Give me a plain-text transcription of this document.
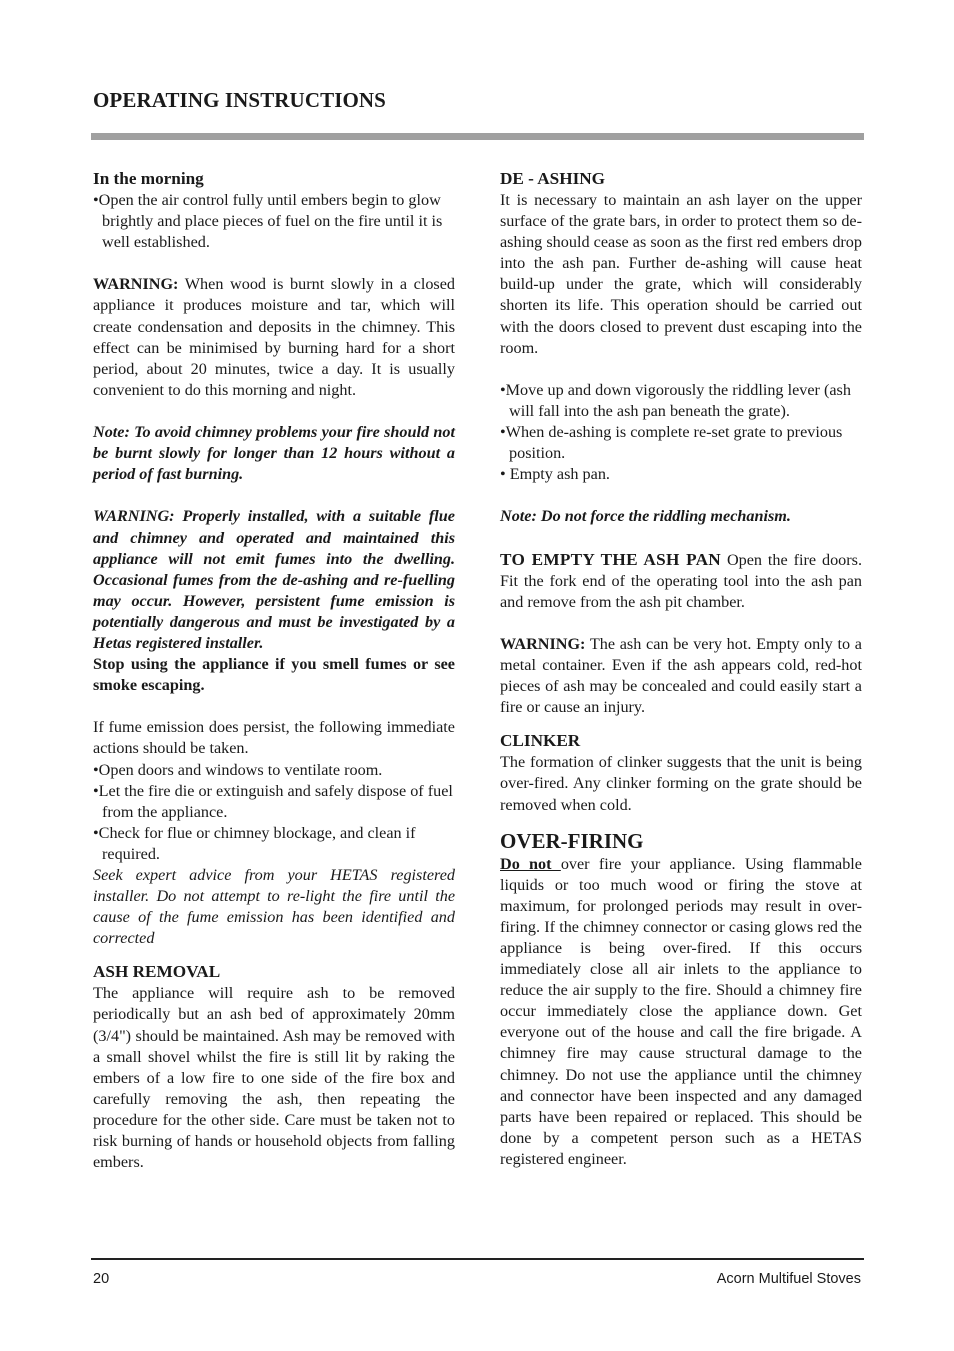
OPERATING INSTRUCTIONS

In the morning

•Open the air control fully until embers begin to glow brightly and place pieces of fuel on the fire until it is well established.

WARNING: When wood is burnt slowly in a closed appliance it produces moisture and tar, which will create condensation and deposits in the chimney. This effect can be minimised by burning hard for a short period, about 20 minutes, twice a day. It is usually convenient to do this morning and night.

Note: To avoid chimney problems your fire should not be burnt slowly for longer than 12 hours without a period of fast burning.

WARNING: Properly installed, with a suitable flue and chimney and operated and maintained this appliance will not emit fumes into the dwelling. Occasional fumes from the de-ashing and re-fuelling may occur. However, persistent fume emission is potentially dangerous and must be investigated by a Hetas registered installer.

Stop using the appliance if you smell fumes or see smoke escaping.

If fume emission does persist, the following immediate actions should be taken.

•Open doors and windows to ventilate room.

•Let the fire die or extinguish and safely dispose of fuel from the appliance.

•Check for flue or chimney blockage, and clean if required.

Seek expert advice from your HETAS registered installer. Do not attempt to re-light the fire until the cause of the fume emission has been identified and corrected

ASH REMOVAL

The appliance will require ash to be removed periodically but an ash bed of approximately 20mm (3/4") should be maintained. Ash may be removed with a small shovel whilst the fire is still lit by raking the embers of a low fire to one side of the fire box and carefully removing the ash, then repeating the procedure for the other side. Care must be taken not to risk burning of hands or household objects from falling embers.

DE - ASHING

It is necessary to maintain an ash layer on the upper surface of the grate bars, in order to protect them so de-ashing should cease as soon as the first red embers drop into the ash pan. Further de-ashing will cause heat build-up under the grate, which will considerably shorten its life. This operation should be carried out with the doors closed to prevent dust escaping into the room.

•Move up and down vigorously the riddling lever (ash will fall into the ash pan beneath the grate).

•When de-ashing is complete re-set grate to previous position.

• Empty ash pan.

Note: Do not force the riddling mechanism.

TO EMPTY THE ASH PAN Open the fire doors. Fit the fork end of the operating tool into the ash pan and remove from the ash pit chamber.

WARNING: The ash can be very hot. Empty only to a metal container. Even if the ash appears cold, red-hot pieces of ash may be concealed and could easily start a fire or cause an injury.

CLINKER

The formation of clinker suggests that the unit is being over-fired. Any clinker forming on the grate should be removed when cold.

OVER-FIRING

Do not over fire your appliance. Using flammable liquids or too much wood or firing the stove at maximum, for prolonged periods may result in over-firing. If the chimney connector or casing glows red the appliance is being over-fired. If this occurs immediately close all air inlets to the appliance to reduce the air supply to the fire. Should a chimney fire occur immediately close the appliance down. Get everyone out of the house and call the fire brigade. A chimney fire may cause structural damage to the chimney. Do not use the appliance until the chimney and connector have been inspected and any damaged parts have been repaired or replaced. This should be done by a competent person such as a HETAS registered engineer.

20	Acorn Multifuel Stoves
